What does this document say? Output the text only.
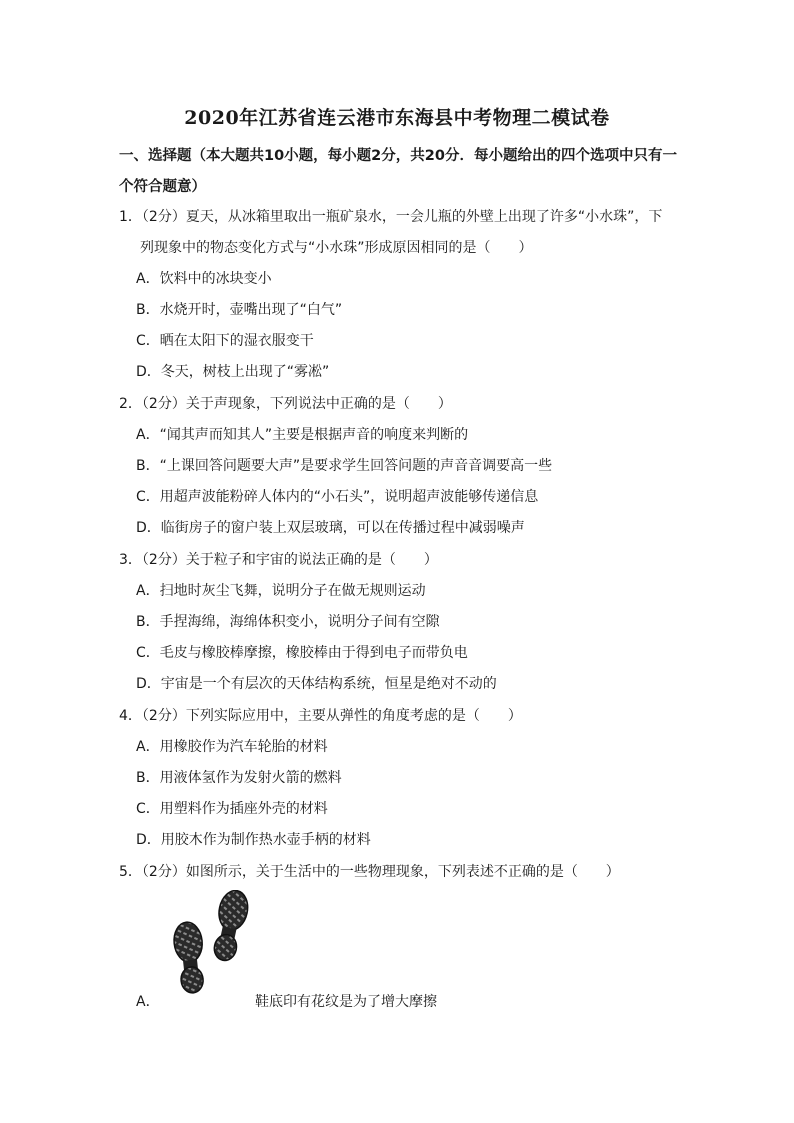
2020年江苏省连云港市东海县中考物理二模试卷
一、选择题（本大题共10小题，每小题2分，共20分．每小题给出的四个选项中只有一个符合题意）
1．（2分）夏天，从冰箱里取出一瓶矿泉水，一会儿瓶的外壁上出现了许多“小水珠”，下
列现象中的物态变化方式与“小水珠”形成原因相同的是（　　）
A．饮料中的冰块变小
B．水烧开时，壶嘴出现了“白气”
C．晒在太阳下的湿衣服变干
D．冬天，树枝上出现了“雾凇”
2．（2分）关于声现象，下列说法中正确的是（　　）
A．“闻其声而知其人”主要是根据声音的响度来判断的
B．“上课回答问题要大声”是要求学生回答问题的声音音调要高一些
C．用超声波能粉碎人体内的“小石头”，说明超声波能够传递信息
D．临街房子的窗户装上双层玻璃，可以在传播过程中减弱噪声
3．（2分）关于粒子和宇宙的说法正确的是（　　）
A．扫地时灰尘飞舞，说明分子在做无规则运动
B．手捏海绵，海绵体积变小，说明分子间有空隙
C．毛皮与橡胶棒摩擦，橡胶棒由于得到电子而带负电
D．宇宙是一个有层次的天体结构系统，恒星是绝对不动的
4．（2分）下列实际应用中，主要从弹性的角度考虑的是（　　）
A．用橡胶作为汽车轮胎的材料
B．用液体氢作为发射火箭的燃料
C．用塑料作为插座外壳的材料
D．用胶木作为制作热水壶手柄的材料
5．（2分）如图所示，关于生活中的一些物理现象，下列表述不正确的是（　　）
A．	鞋底印有花纹是为了增大摩擦
